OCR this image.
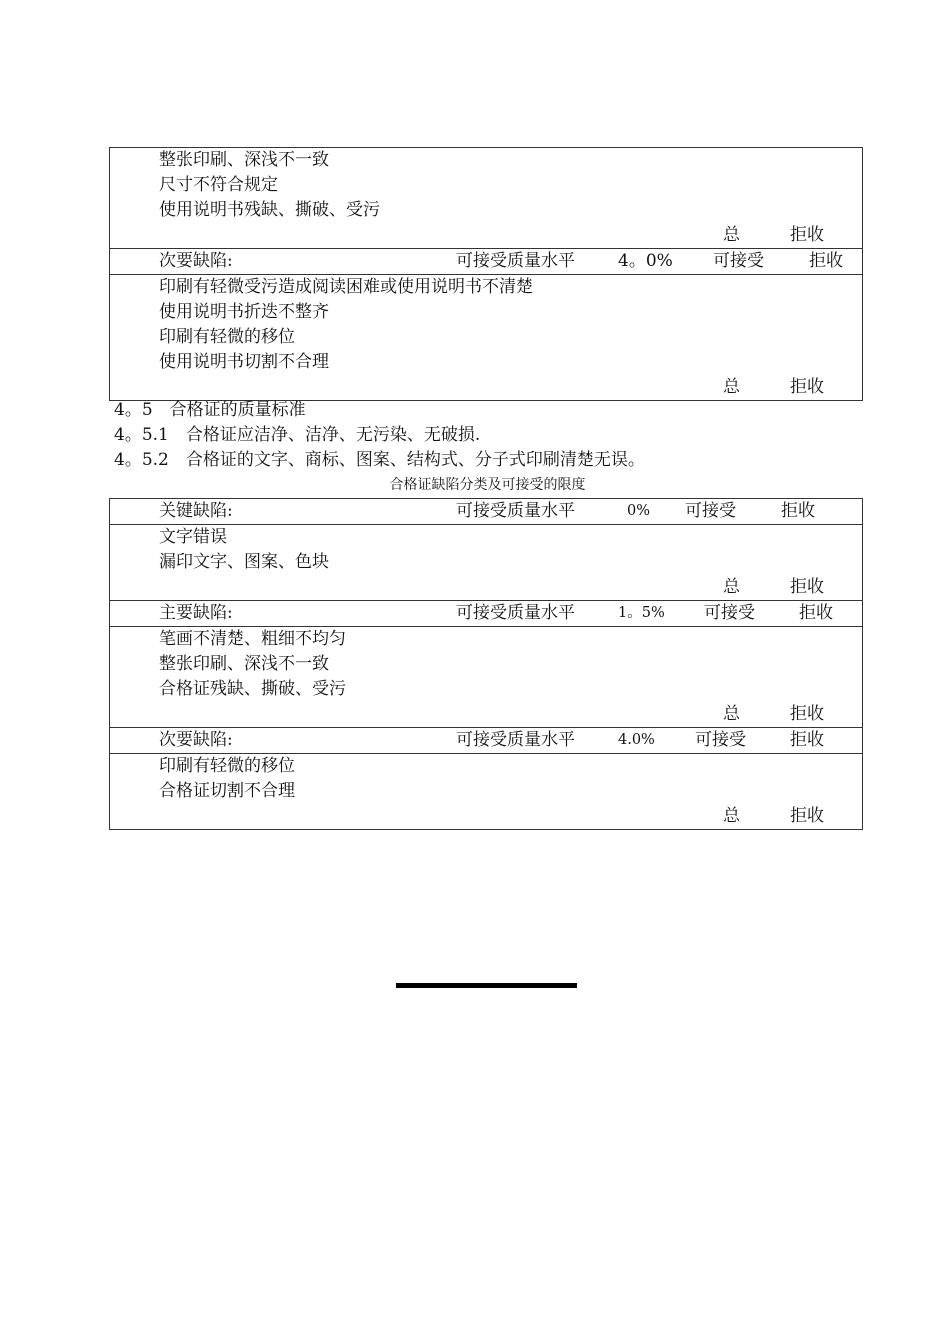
整张印刷、深浅不一致
尺寸不符合规定
使用说明书残缺、撕破、受污
总	拒收
次要缺陷:	可接受质量水平	4。0% 可接受	拒收
印刷有轻微受污造成阅读困难或使用说明书不清楚
使用说明书折迭不整齐
印刷有轻微的移位
使用说明书切割不合理
总	拒收
4。5　合格证的质量标准
4。5.1　合格证应洁净、洁净、无污染、无破损.
4。5.2　合格证的文字、商标、图案、结构式、分子式印刷清楚无误。
合格证缺陷分类及可接受的限度
关键缺陷:	可接受质量水平	0% 可接受	拒收
文字错误
漏印文字、图案、色块
总	拒收
主要缺陷:	可接受质量水平	1。5% 可接受	拒收
笔画不清楚、粗细不均匀
整张印刷、深浅不一致
合格证残缺、撕破、受污
总	拒收
次要缺陷:	可接受质量水平	4.0% 可接受	拒收
印刷有轻微的移位
合格证切割不合理
总	拒收
